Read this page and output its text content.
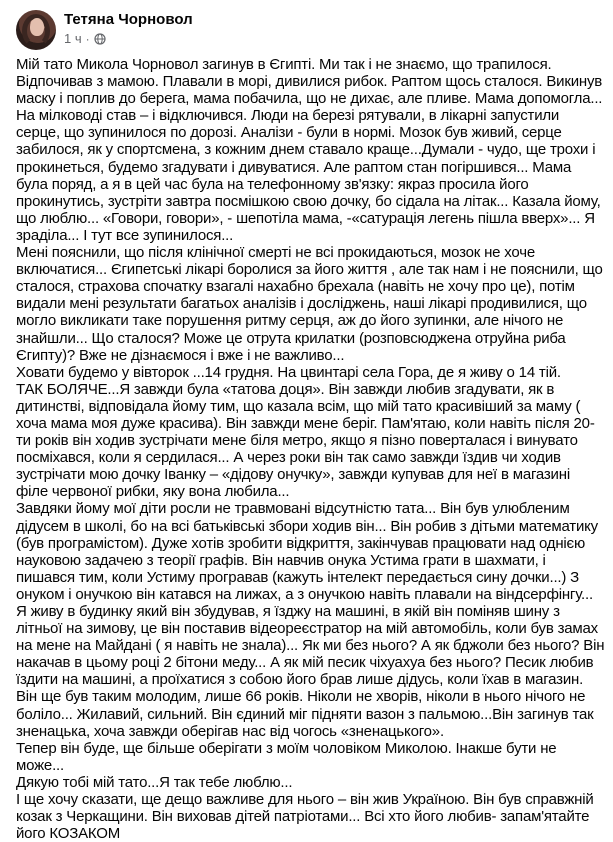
Тетяна Чорновол
1 ч ·
Мій тато Микола Чорновол загинув в Єгипті. Ми так і не знаємо, що трапилося. Відпочивав з мамою. Плавали в морі, дивилися рибок. Раптом щось сталося. Викинув маску і поплив до берега, мама побачила, що не дихає, але пливе. Мама допомогла... На мілководі став – і відключився. Люди на березі рятували, в лікарні запустили серце, що зупинилося по дорозі. Аналізи - були в нормі. Мозок був живий, серце забилося, як у спортсмена, з кожним днем ставало краще...Думали - чудо, ще трохи і прокинеться, будемо згадувати і дивуватися. Але раптом стан погіршився... Мама була поряд, а я в цей час була на телефонному зв'язку: якраз просила його прокинутись, зустріти завтра посмішкою свою дочку, бо сідала на літак... Казала йому, що люблю... «Говори, говори», - шепотіла мама, -«сатурація легень пішла вверх»... Я зраділа... І тут все зупинилося...
Мені пояснили, що після клінічної смерті не всі прокидаються, мозок не хоче включатися... Єгипетські лікарі боролися за його життя , але так нам і не пояснили, що сталося, страхова спочатку взагалі нахабно брехала (навіть не хочу про це), потім видали мені результати багатьох аналізів і досліджень, наші лікарі продивилися, що могло викликати таке порушення ритму серця, аж до його зупинки, але нічого не знайшли... Що сталося? Може це отрута крилатки (розповсюджена отруйна риба Єгипту)? Вже не дізнаємося і вже і не важливо...
Ховати будемо у вівторок ...14 грудня. На цвинтарі села Гора, де я живу о 14 тій.
ТАК БОЛЯЧЕ...Я завжди була «татова доця». Він завжди любив згадувати, як в дитинстві, відповідала йому тим, що казала всім, що мій тато красивіший за маму ( хоча мама моя дуже красива). Він завжди мене беріг. Пам'ятаю, коли навіть після 20-ти років він ходив зустрічати мене біля метро, якщо я пізно поверталася і винувато посміхався, коли я сердилася... А через роки він так само завжди їздив чи ходив зустрічати мою дочку Іванку – «дідову онучку», завжди купував для неї в магазині філе червоної рибки, яку вона любила...
Завдяки йому мої діти росли не травмовані відсутністю тата... Він був улюбленим дідусем в школі, бо на всі батьківські збори ходив він... Він робив з дітьми математику (був програмістом). Дуже хотів зробити відкриття, закінчував працювати над однією науковою задачею з теорії графів. Він навчив онука Устима грати в шахмати, і пишався тим, коли Устиму програвав (кажуть інтелект передається сину дочки...) З онуком і онучкою він катався на лижах, а з онучкою навіть плавали на віндсерфінгу...
Я живу в будинку який він збудував, я їзджу на машині, в якій він поміняв шину з літньої на зимову, це він поставив відеореєстратор на мій автомобіль, коли був замах на мене на Майдані ( я навіть не знала)... Як ми без нього? А як бджоли без нього? Він накачав в цьому році 2 бітони меду... А як мій песик чіхуахуа без нього? Песик любив їздити на машині, а проїхатися з собою його брав лише дідусь, коли їхав в магазин.
Він ще був таким молодим, лише 66 років. Ніколи не хворів, ніколи в нього нічого не боліло... Жилавий, сильний. Він єдиний міг підняти вазон з пальмою...Він загинув так зненацька, хоча завжди оберігав нас від чогось «зненацького».
Тепер він буде, ще більше оберігати з моїм чоловіком Миколою. Інакше бути не може...
Дякую тобі мій тато...Я так тебе люблю...
І ще хочу сказати, ще дещо важливе для нього – він жив Україною. Він був справжній козак з Черкащини. Він виховав дітей патріотами... Всі хто його любив- запам'ятайте його КОЗАКОМ
